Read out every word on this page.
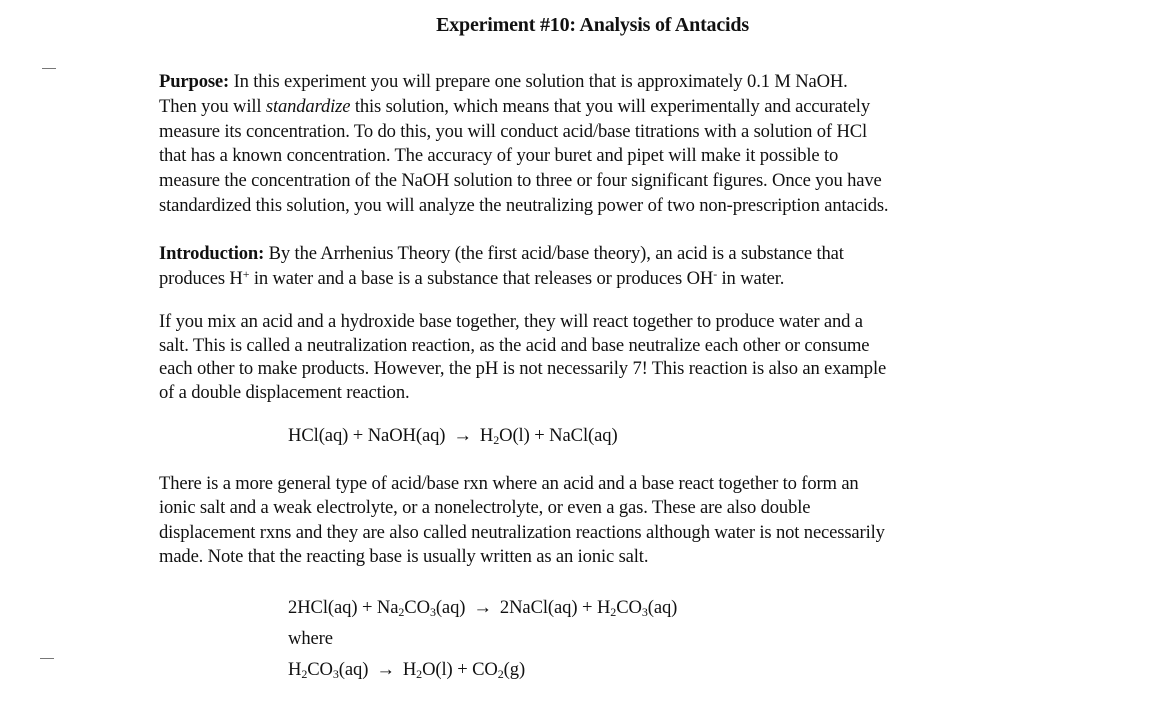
Experiment #10: Analysis of Antacids
Purpose: In this experiment you will prepare one solution that is approximately 0.1 M NaOH.
Then you will standardize this solution, which means that you will experimentally and accurately
measure its concentration. To do this, you will conduct acid/base titrations with a solution of HCl
that has a known concentration. The accuracy of your buret and pipet will make it possible to
measure the concentration of the NaOH solution to three or four significant figures. Once you have
standardized this solution, you will analyze the neutralizing power of two non-prescription antacids.
Introduction: By the Arrhenius Theory (the first acid/base theory), an acid is a substance that
produces H+ in water and a base is a substance that releases or produces OH- in water.
If you mix an acid and a hydroxide base together, they will react together to produce water and a
salt. This is called a neutralization reaction, as the acid and base neutralize each other or consume
each other to make products. However, the pH is not necessarily 7! This reaction is also an example
of a double displacement reaction.
HCl(aq) + NaOH(aq) → $H_2O(l)$ + NaCl(aq)
There is a more general type of acid/base rxn where an acid and a base react together to form an
ionic salt and a weak electrolyte, or a nonelectrolyte, or even a gas. These are also double
displacement rxns and they are also called neutralization reactions although water is not necessarily
made. Note that the reacting base is usually written as an ionic salt.
$2HCl(aq) + Na_2CO_3(aq)$ → 2NaCl(aq) + $H_2CO_3(aq)$
where
$H_2CO_3(aq) \to H_2O(l) + CO_2(g)$
